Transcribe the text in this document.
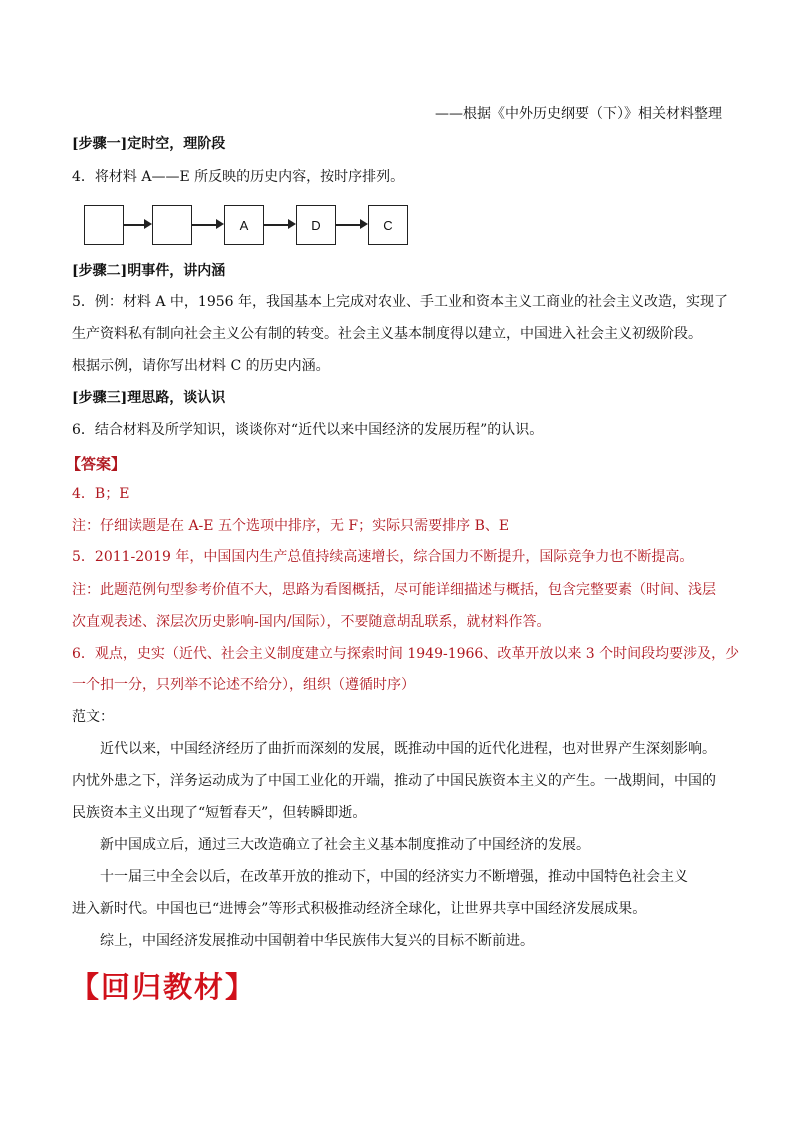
——根据《中外历史纲要（下）》相关材料整理
[步骤一]定时空，理阶段
4．将材料 A——E 所反映的历史内容，按时序排列。
A	D	C
[步骤二]明事件，讲内涵
5．例：材料 A 中，1956 年，我国基本上完成对农业、手工业和资本主义工商业的社会主义改造，实现了
生产资料私有制向社会主义公有制的转变。社会主义基本制度得以建立，中国进入社会主义初级阶段。
根据示例，请你写出材料 C 的历史内涵。
[步骤三]理思路，谈认识
6．结合材料及所学知识，谈谈你对“近代以来中国经济的发展历程”的认识。
【答案】
4．B；E
注：仔细读题是在 A-E 五个选项中排序，无 F；实际只需要排序 B、E
5．2011-2019 年，中国国内生产总值持续高速增长，综合国力不断提升，国际竞争力也不断提高。
注：此题范例句型参考价值不大，思路为看图概括，尽可能详细描述与概括，包含完整要素（时间、浅层
次直观表述、深层次历史影响-国内/国际），不要随意胡乱联系，就材料作答。
6．观点，史实（近代、社会主义制度建立与探索时间 1949-1966、改革开放以来 3 个时间段均要涉及，少
一个扣一分，只列举不论述不给分），组织（遵循时序）
范文：
近代以来，中国经济经历了曲折而深刻的发展，既推动中国的近代化进程，也对世界产生深刻影响。
内忧外患之下，洋务运动成为了中国工业化的开端，推动了中国民族资本主义的产生。一战期间，中国的
民族资本主义出现了“短暂春天”，但转瞬即逝。
新中国成立后，通过三大改造确立了社会主义基本制度推动了中国经济的发展。
十一届三中全会以后，在改革开放的推动下，中国的经济实力不断增强，推动中国特色社会主义
进入新时代。中国也已“进博会”等形式积极推动经济全球化，让世界共享中国经济发展成果。
综上，中国经济发展推动中国朝着中华民族伟大复兴的目标不断前进。
【回归教材】
